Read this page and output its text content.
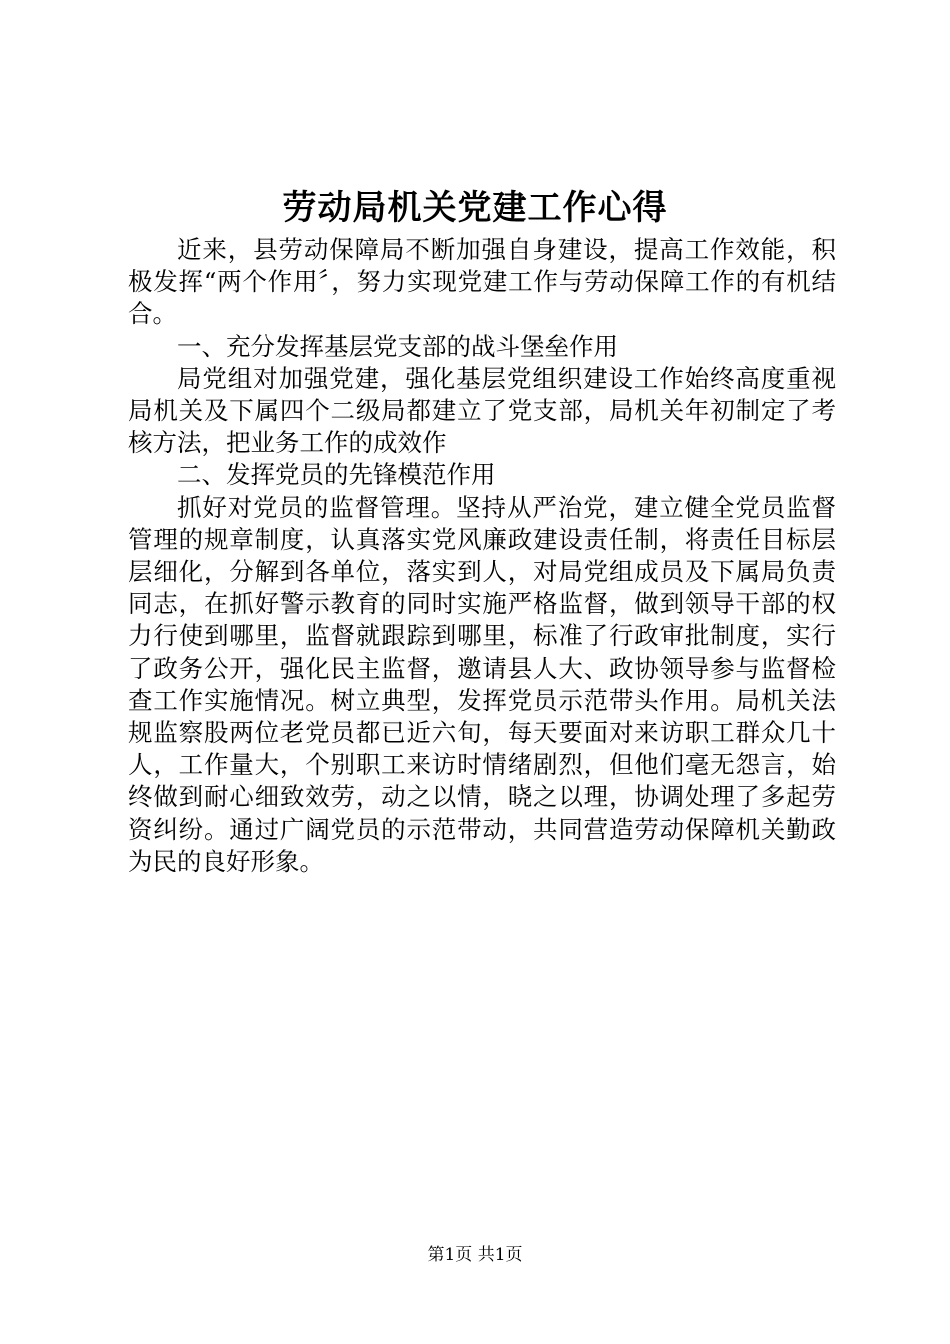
劳动局机关党建工作心得

近来，县劳动保障局不断加强自身建设，提高工作效能，积极发挥“两个作用〞，努力实现党建工作与劳动保障工作的有机结合。

一、充分发挥基层党支部的战斗堡垒作用

局党组对加强党建，强化基层党组织建设工作始终高度重视局机关及下属四个二级局都建立了党支部，局机关年初制定了考核方法，把业务工作的成效作

二、发挥党员的先锋模范作用

抓好对党员的监督管理。坚持从严治党，建立健全党员监督管理的规章制度，认真落实党风廉政建设责任制，将责任目标层层细化，分解到各单位，落实到人，对局党组成员及下属局负责同志，在抓好警示教育的同时实施严格监督，做到领导干部的权力行使到哪里，监督就跟踪到哪里，标准了行政审批制度，实行了政务公开，强化民主监督，邀请县人大、政协领导参与监督检查工作实施情况。树立典型，发挥党员示范带头作用。局机关法规监察股两位老党员都已近六旬，每天要面对来访职工群众几十人，工作量大，个别职工来访时情绪剧烈，但他们毫无怨言，始终做到耐心细致效劳，动之以情，晓之以理，协调处理了多起劳资纠纷。通过广阔党员的示范带动，共同营造劳动保障机关勤政为民的良好形象。

第1页 共1页
